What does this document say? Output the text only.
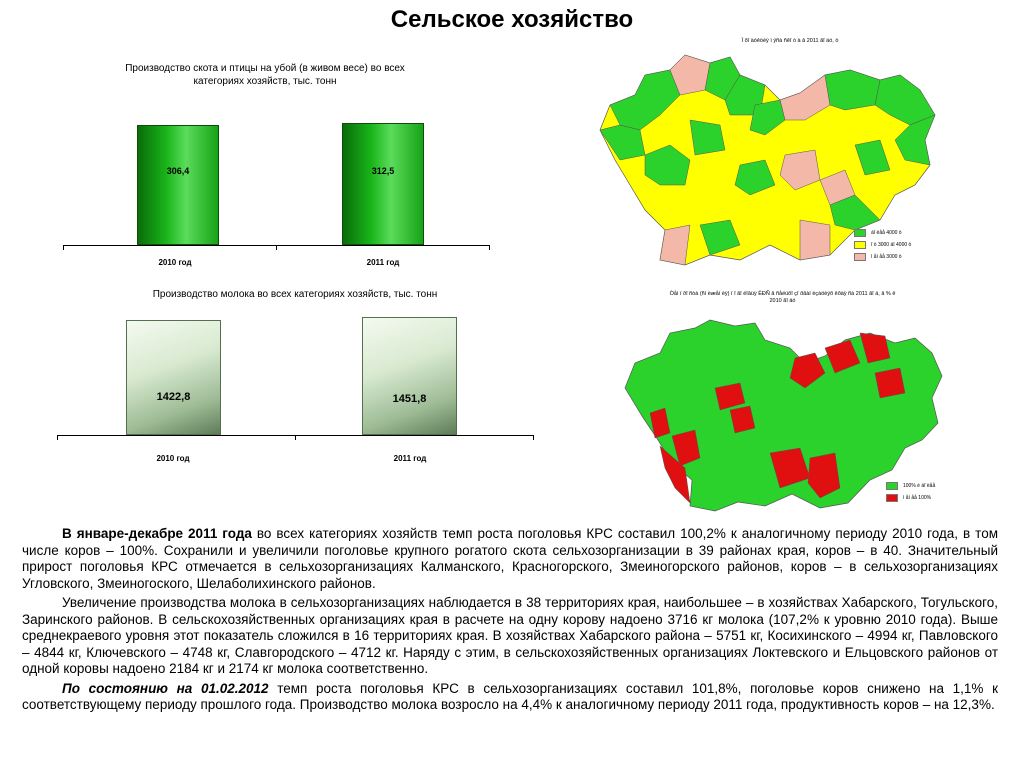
Сельское хозяйство
Производство скота и птицы на убой (в живом весе) во всех категориях хозяйств, тыс. тонн
306,4	312,5
2010 год	2011 год
Производство молока во всех категориях хозяйств, тыс. тонн
1422,8	1451,8
2010 год	2011 год
Ï ðî äóêöèÿ ì ÿñà ñêî ò à â 2011 ãî äó, ò
áî ëåå 4000 ò
î ò 3000 äî 4000 ò
ì åí åå 3000 ò
Òåì ï ðî ñòà (ñí èæåí èÿ) ï î ãî ëîâüÿ ÊÐÑ â ñåëüõî çî ðãàí èçàöèÿõ êðàÿ ñà 2011 ãî ä, â % ê 2010 ãî äó
100% è áî ëåå
ì åí åå 100%

В январе-декабре 2011 года во всех категориях хозяйств темп роста поголовья КРС составил 100,2% к аналогичному периоду 2010 года, в том числе коров – 100%. Сохранили и увеличили поголовье крупного рогатого скота сельхозорганизации в 39 районах края, коров – в 40. Значительный прирост поголовья КРС отмечается в сельхозорганизациях Калманского, Красногорского, Змеиногорского районов, коров – в сельхозорганизациях Угловского, Змеиногоского, Шелаболихинского районов.

Увеличение производства молока в сельхозорганизациях наблюдается в 38 территориях края, наибольшее – в хозяйствах Хабарского, Тогульского, Заринского районов. В сельскохозяйственных организациях края в расчете на одну корову надоено 3716 кг молока (107,2% к уровню 2010 года). Выше среднекраевого уровня этот показатель сложился в 16 территориях края. В хозяйствах Хабарского района – 5751 кг, Косихинского – 4994 кг, Павловского – 4844 кг, Ключевского – 4748 кг, Славгородского – 4712 кг. Наряду с этим, в сельскохозяйственных организациях Локтевского и Ельцовского районов от одной коровы надоено 2184 кг и 2174 кг молока соответственно.

По состоянию на 01.02.2012 темп роста поголовья КРС в сельхозорганизациях составил 101,8%, поголовье коров снижено на 1,1% к соответствующему периоду прошлого года. Производство молока возросло на 4,4% к аналогичному периоду 2011 года, продуктивность коров – на 12,3%.
